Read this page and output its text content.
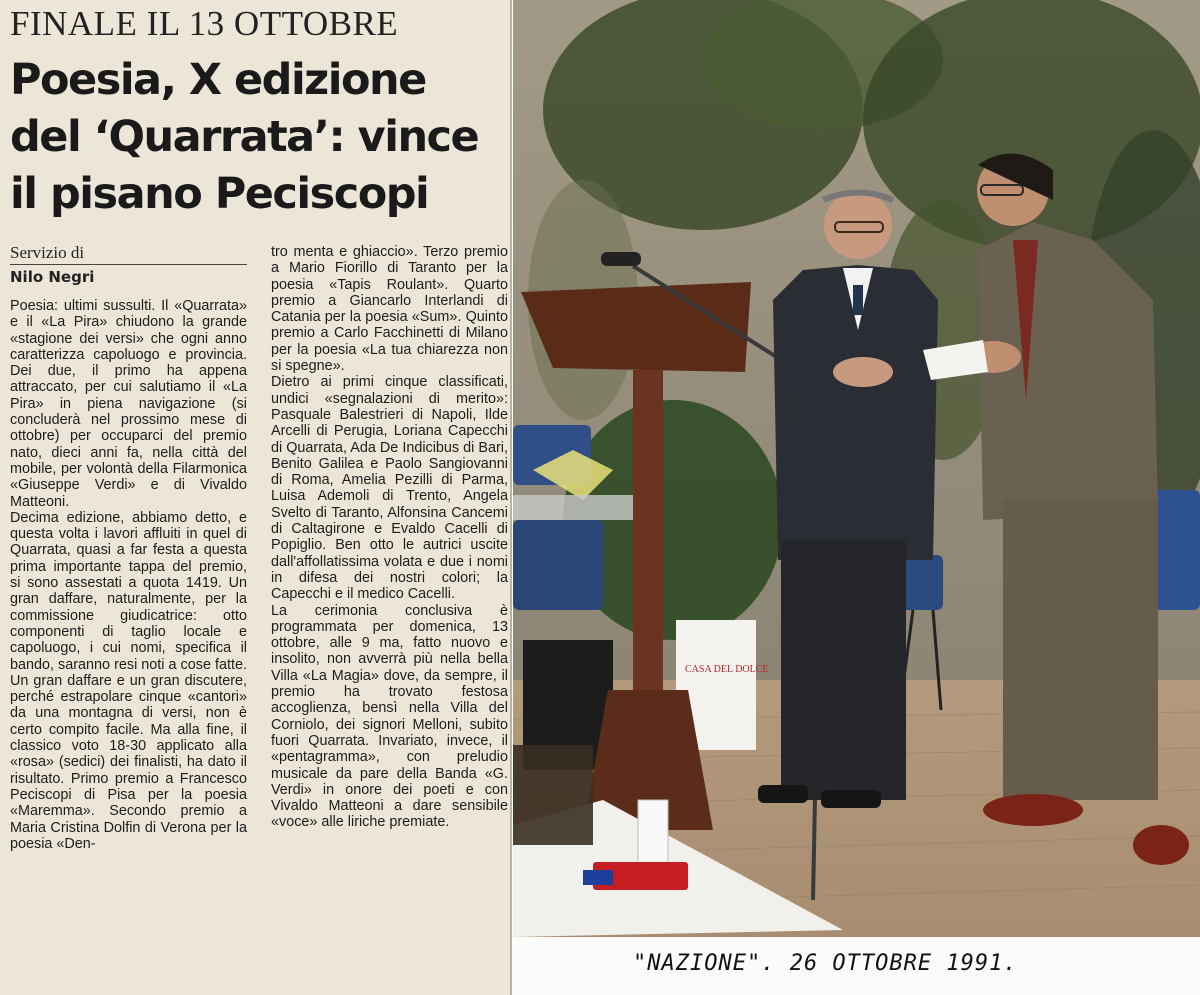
FINALE IL 13 OTTOBRE
Poesia, X edizione
del ‘Quarrata’: vince
il pisano Peciscopi
Servizio di
Nilo Negri

Poesia: ultimi sussulti. Il «Quarrata» e il «La Pira» chiudono la grande «stagione dei versi» che ogni anno caratterizza capoluogo e provincia. Dei due, il primo ha appena attraccato, per cui salutiamo il «La Pira» in piena navigazione (si concluderà nel prossimo mese di ottobre) per occuparci del premio nato, dieci anni fa, nella città del mobile, per volontà della Filarmonica «Giuseppe Verdi» e di Vivaldo Matteoni.

Decima edizione, abbiamo detto, e questa volta i lavori affluiti in quel di Quarrata, quasi a far festa a questa prima importante tappa del premio, si sono assestati a quota 1419. Un gran daffare, naturalmente, per la commissione giudicatrice: otto componenti di taglio locale e capoluogo, i cui nomi, specifica il bando, saranno resi noti a cose fatte. Un gran daffare e un gran discutere, perché estrapolare cinque «cantori» da una montagna di versi, non è certo compito facile. Ma alla fine, il classico voto 18-30 applicato alla «rosa» (sedici) dei finalisti, ha dato il risultato. Primo premio a Francesco Peciscopi di Pisa per la poesia «Maremma». Secondo premio a Maria Cristina Dolfin di Verona per la poesia «Den-

tro menta e ghiaccio». Terzo premio a Mario Fiorillo di Taranto per la poesia «Tapis Roulant». Quarto premio a Giancarlo Interlandi di Catania per la poesia «Sum». Quinto premio a Carlo Facchinetti di Milano per la poesia «La tua chiarezza non si spegne».

Dietro ai primi cinque classificati, undici «segnalazioni di merito»: Pasquale Balestrieri di Napoli, Ilde Arcelli di Perugia, Loriana Capecchi di Quarrata, Ada De Indicibus di Bari, Benito Galilea e Paolo Sangiovanni di Roma, Amelia Pezilli di Parma, Luisa Ademoli di Trento, Angela Svelto di Taranto, Alfonsina Cancemi di Caltagirone e Evaldo Cacelli di Popiglio. Ben otto le autrici uscite dall'affollatissima volata e due i nomi in difesa dei nostri colori; la Capecchi e il medico Cacelli.

La cerimonia conclusiva è programmata per domenica, 13 ottobre, alle 9 ma, fatto nuovo e insolito, non avverrà più nella bella Villa «La Magia» dove, da sempre, il premio ha trovato festosa accoglienza, bensì nella Villa del Corniolo, dei signori Melloni, subito fuori Quarrata. Invariato, invece, il «pentagramma», con preludio musicale da pare della Banda «G. Verdi» in onore dei poeti e con Vivaldo Matteoni a dare sensibile «voce» alle liriche premiate.

CASA DEL DOLCE
"NAZIONE". 26 OTTOBRE 1991.
